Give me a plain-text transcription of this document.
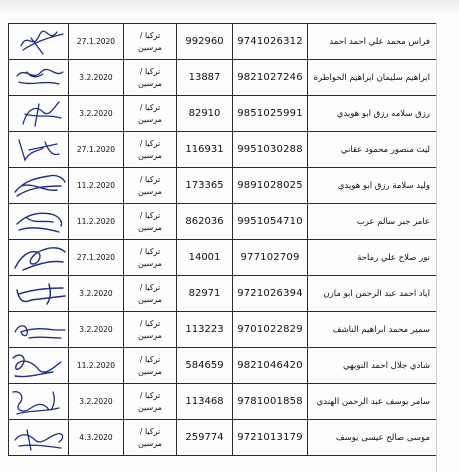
	27.1.2020	تركيا /
مرسين	992960	9741026312	فراس محمد علي احمد احمد

	3.2.2020	تركيا /
مرسين	13887	9821027246	ابراهيم سليمان ابراهيم الخواطرة

	3.2.2020	تركيا /
مرسين	82910	9851025991	رزق سلامه رزق ابو هويدي

	27.1.2020	تركيا /
مرسين	116931	9951030288	ليث منصور محمود عقاني

	11.2.2020	تركيا /
مرسين	173365	9891028025	وليد سلامة رزق ابو هويدي

	11.2.2020	تركيا /
مرسين	862036	9951054710	عامر جبر سالم عرب

	27.1.2020	تركيا /
مرسين	14001	977102709	نور صلاح علي رماحة

	3.2.2020	تركيا /
مرسين	82971	9721026394	اياد احمد عبد الرحمن ابو مازن

	3.2.2020	تركيا /
مرسين	113223	9701022829	سمير محمد ابراهيم الناشف

	11.2.2020	تركيا /
مرسين	584659	9821046420	شادي جلال احمد النويهي

	3.2.2020	تركيا /
مرسين	113468	9781001858	سامر يوسف عبد الرحمن الهندي

	4.3.2020	تركيا /
مرسين	259774	9721013179	موسى صالح عيسى يوسف
